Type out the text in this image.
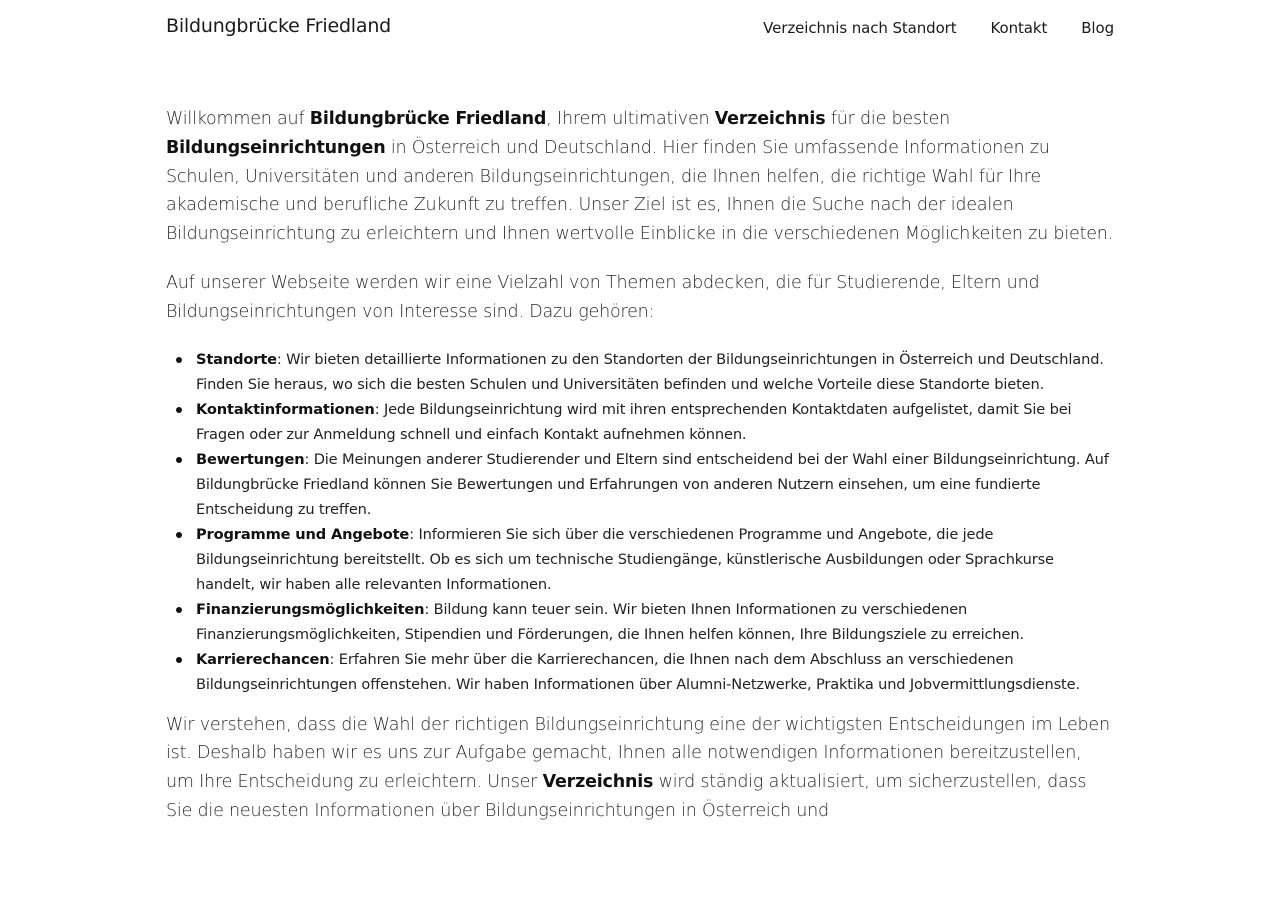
Bildungbrücke Friedland	Verzeichnis nach Standort Kontakt Blog

Willkommen auf Bildungbrücke Friedland, Ihrem ultimativen Verzeichnis für die besten Bildungseinrichtungen in Österreich und Deutschland. Hier finden Sie umfassende Informationen zu Schulen, Universitäten und anderen Bildungseinrichtungen, die Ihnen helfen, die richtige Wahl für Ihre akademische und berufliche Zukunft zu treffen. Unser Ziel ist es, Ihnen die Suche nach der idealen Bildungseinrichtung zu erleichtern und Ihnen wertvolle Einblicke in die verschiedenen Möglichkeiten zu bieten.

Auf unserer Webseite werden wir eine Vielzahl von Themen abdecken, die für Studierende, Eltern und Bildungseinrichtungen von Interesse sind. Dazu gehören:

Standorte: Wir bieten detaillierte Informationen zu den Standorten der Bildungseinrichtungen in Österreich und Deutschland. Finden Sie heraus, wo sich die besten Schulen und Universitäten befinden und welche Vorteile diese Standorte bieten.
Kontaktinformationen: Jede Bildungseinrichtung wird mit ihren entsprechenden Kontaktdaten aufgelistet, damit Sie bei Fragen oder zur Anmeldung schnell und einfach Kontakt aufnehmen können.
Bewertungen: Die Meinungen anderer Studierender und Eltern sind entscheidend bei der Wahl einer Bildungseinrichtung. Auf Bildungbrücke Friedland können Sie Bewertungen und Erfahrungen von anderen Nutzern einsehen, um eine fundierte Entscheidung zu treffen.
Programme und Angebote: Informieren Sie sich über die verschiedenen Programme und Angebote, die jede Bildungseinrichtung bereitstellt. Ob es sich um technische Studiengänge, künstlerische Ausbildungen oder Sprachkurse handelt, wir haben alle relevanten Informationen.
Finanzierungsmöglichkeiten: Bildung kann teuer sein. Wir bieten Ihnen Informationen zu verschiedenen Finanzierungsmöglichkeiten, Stipendien und Förderungen, die Ihnen helfen können, Ihre Bildungsziele zu erreichen.
Karrierechancen: Erfahren Sie mehr über die Karrierechancen, die Ihnen nach dem Abschluss an verschiedenen Bildungseinrichtungen offenstehen. Wir haben Informationen über Alumni-Netzwerke, Praktika und Jobvermittlungsdienste.

Wir verstehen, dass die Wahl der richtigen Bildungseinrichtung eine der wichtigsten Entscheidungen im Leben ist. Deshalb haben wir es uns zur Aufgabe gemacht, Ihnen alle notwendigen Informationen bereitzustellen, um Ihre Entscheidung zu erleichtern. Unser Verzeichnis wird ständig aktualisiert, um sicherzustellen, dass Sie die neuesten Informationen über Bildungseinrichtungen in Österreich und
